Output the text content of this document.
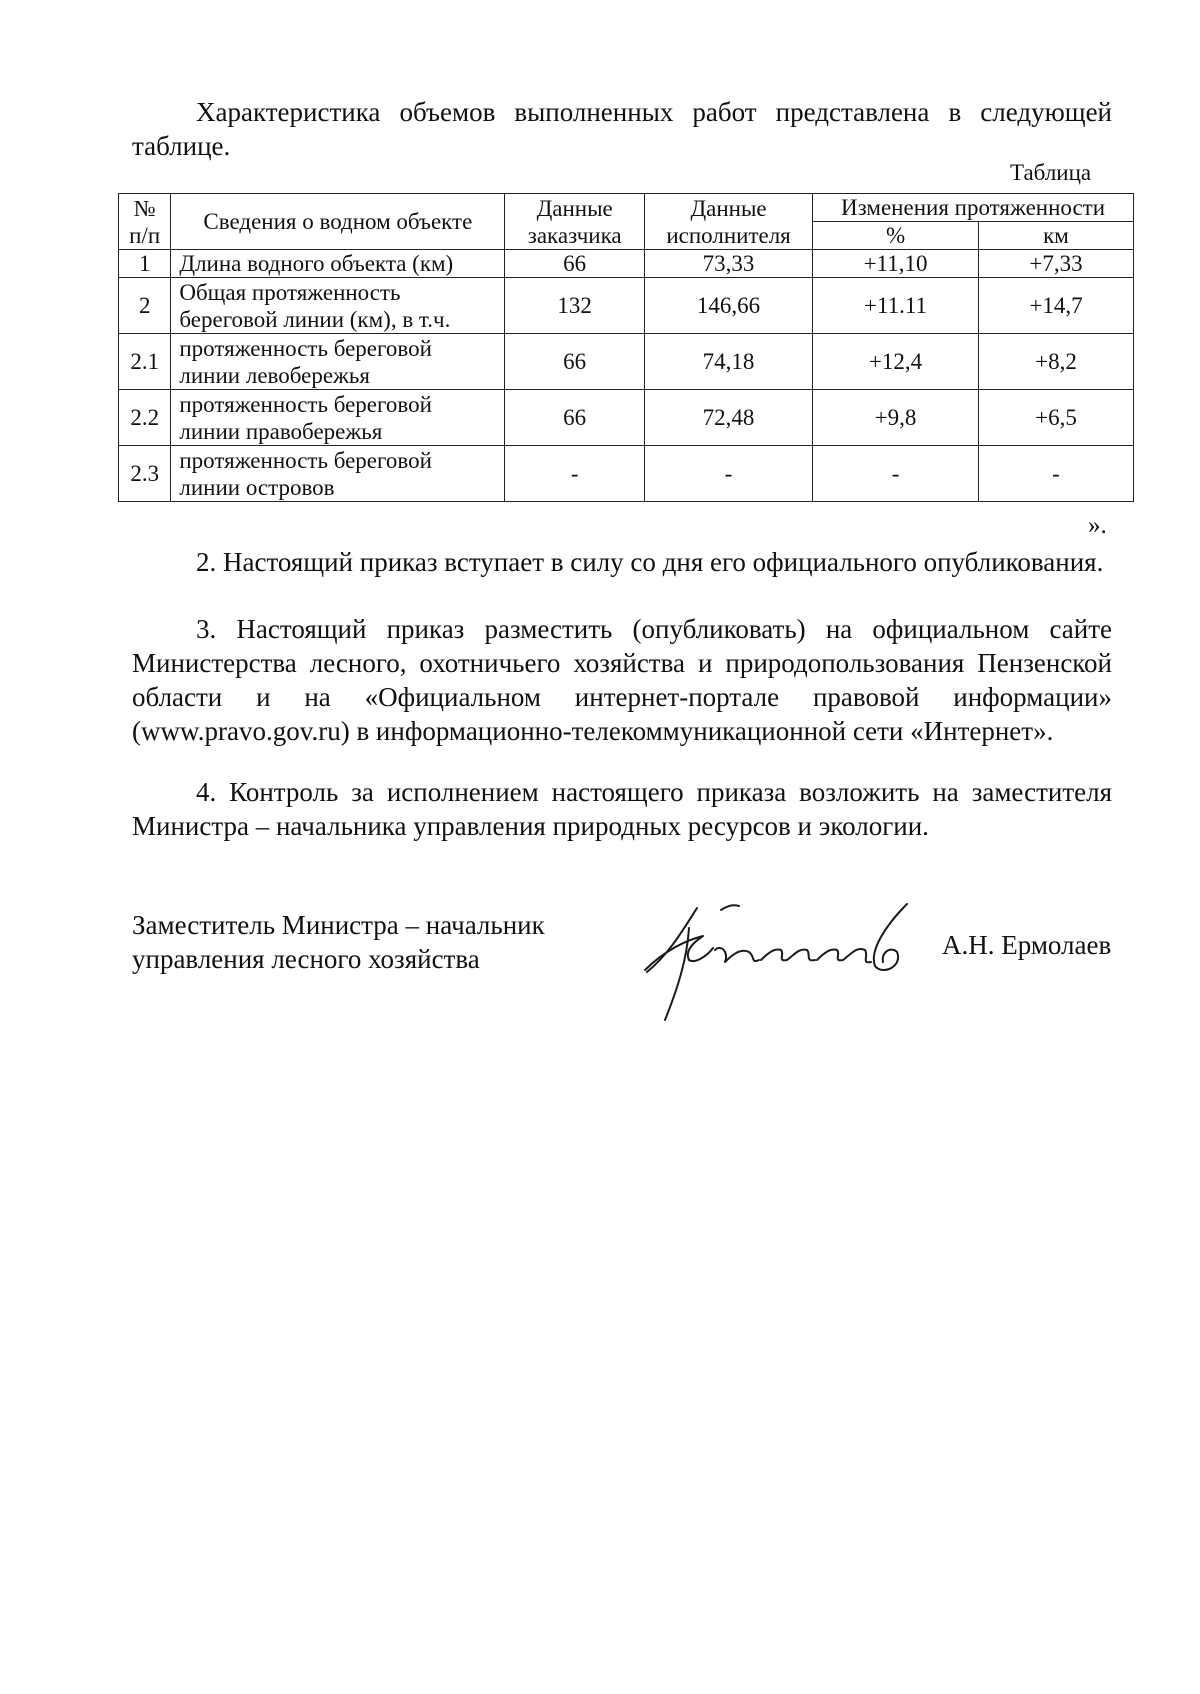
Характеристика объемов выполненных работ представлена в следующей таблице.

Таблица

№ п/п	Сведения о водном объекте	Данные заказчика	Данные исполнителя	Изменения протяженности	
				%	км
1	Длина водного объекта (км)	66	73,33	+11,10	+7,33
2	Общая протяженность береговой линии (км), в т.ч.	132	146,66	+11.11	+14,7
2.1	протяженность береговой линии левобережья	66	74,18	+12,4	+8,2
2.2	протяженность береговой линии правобережья	66	72,48	+9,8	+6,5
2.3	протяженность береговой линии островов	-	-	-	-

».

2. Настоящий приказ вступает в силу со дня его официального опубликования.

3. Настоящий приказ разместить (опубликовать) на официальном сайте Министерства лесного, охотничьего хозяйства и природопользования Пензенской области и на «Официальном интернет-портале правовой информации» (www.pravo.gov.ru) в информационно-телекоммуникационной сети «Интернет».

4. Контроль за исполнением настоящего приказа возложить на заместителя Министра – начальника управления природных ресурсов и экологии.

Заместитель Министра – начальник
управления лесного хозяйства	А.Н. Ермолаев
